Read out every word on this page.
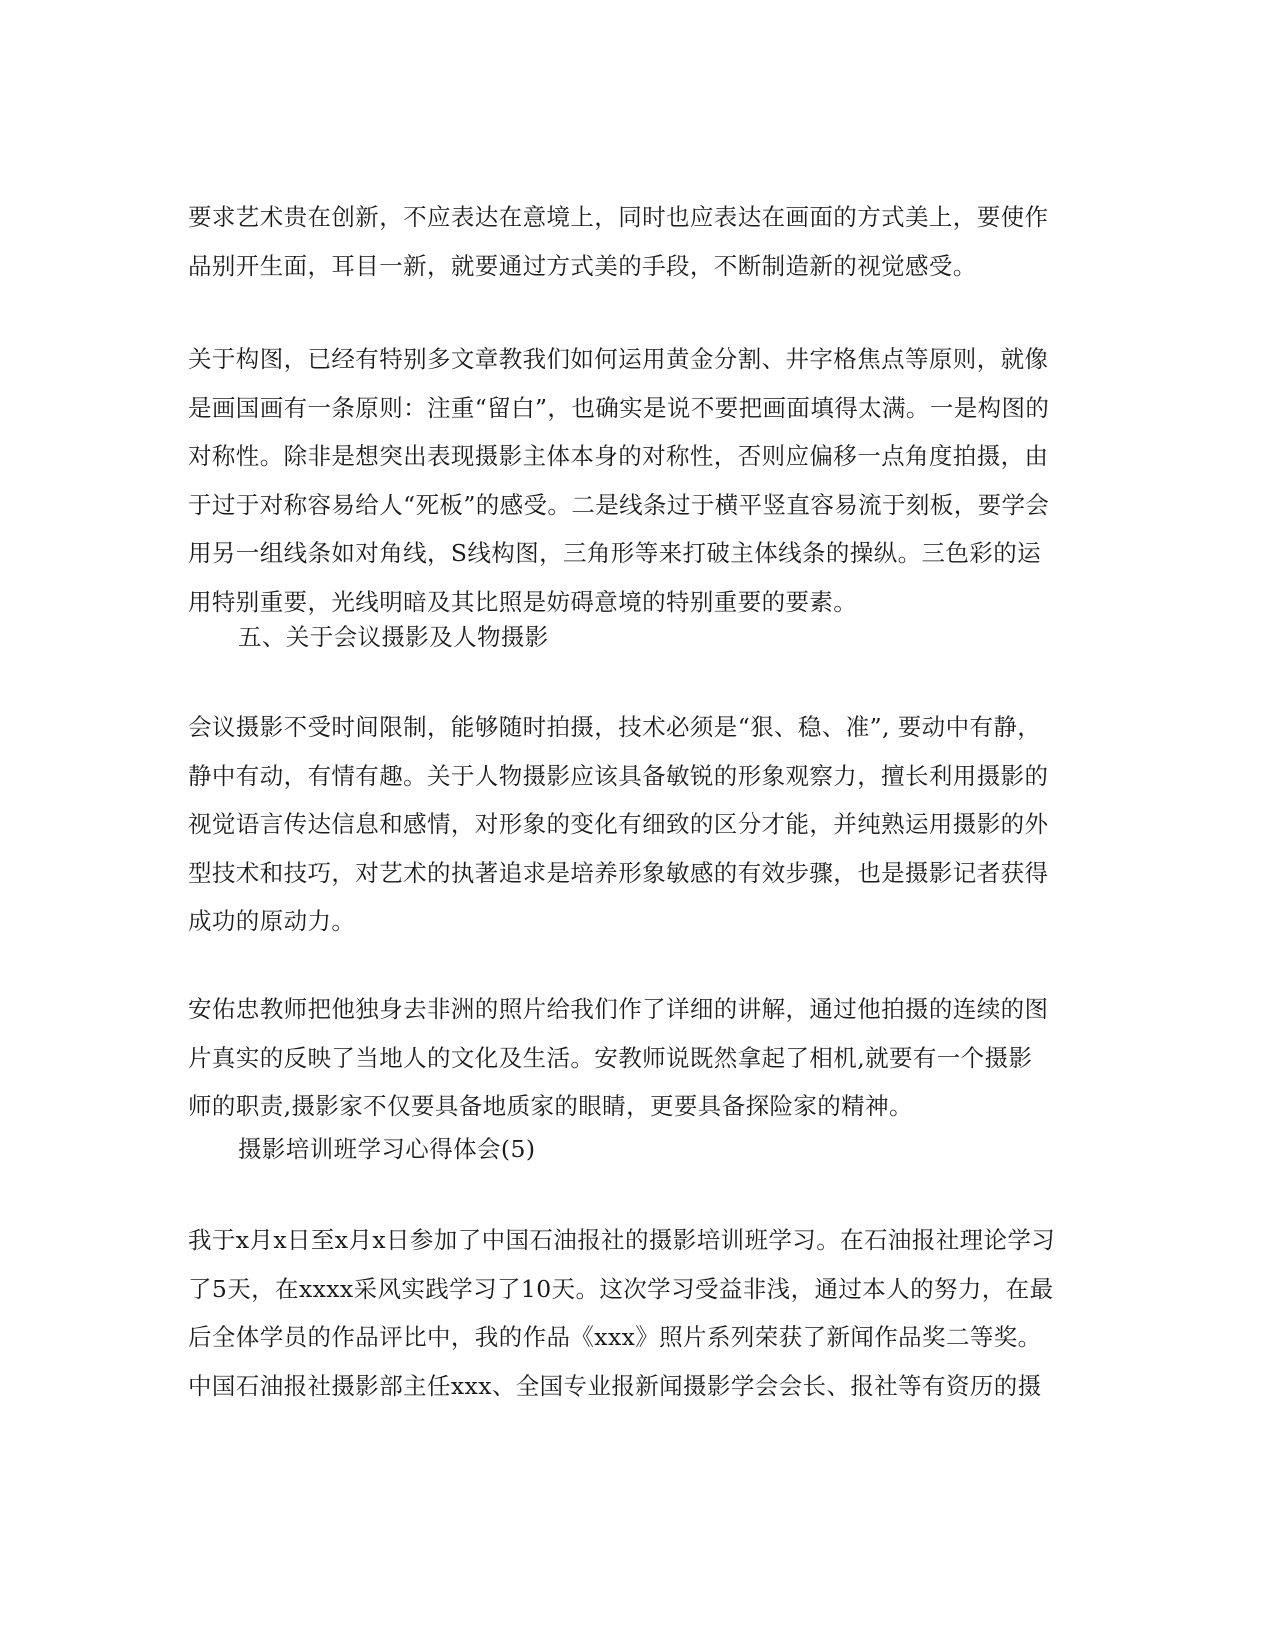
要求艺术贵在创新，不应表达在意境上，同时也应表达在画面的方式美上，要使作
品别开生面，耳目一新，就要通过方式美的手段，不断制造新的视觉感受。
关于构图，已经有特别多文章教我们如何运用黄金分割、井字格焦点等原则，就像
是画国画有一条原则：注重“留白”，也确实是说不要把画面填得太满。一是构图的
对称性。除非是想突出表现摄影主体本身的对称性，否则应偏移一点角度拍摄，由
于过于对称容易给人“死板”的感受。二是线条过于横平竖直容易流于刻板，要学会
用另一组线条如对角线，S线构图，三角形等来打破主体线条的操纵。三色彩的运
用特别重要，光线明暗及其比照是妨碍意境的特别重要的要素。
五、关于会议摄影及人物摄影
会议摄影不受时间限制，能够随时拍摄，技术必须是“狠、稳、准”, 要动中有静，
静中有动，有情有趣。关于人物摄影应该具备敏锐的形象观察力，擅长利用摄影的
视觉语言传达信息和感情，对形象的变化有细致的区分才能，并纯熟运用摄影的外
型技术和技巧，对艺术的执著追求是培养形象敏感的有效步骤，也是摄影记者获得
成功的原动力。
安佑忠教师把他独身去非洲的照片给我们作了详细的讲解，通过他拍摄的连续的图
片真实的反映了当地人的文化及生活。安教师说既然拿起了相机,就要有一个摄影
师的职责,摄影家不仅要具备地质家的眼睛，更要具备探险家的精神。
摄影培训班学习心得体会(5)
我于x月x日至x月x日参加了中国石油报社的摄影培训班学习。在石油报社理论学习
了5天，在xxxx采风实践学习了10天。这次学习受益非浅，通过本人的努力，在最
后全体学员的作品评比中，我的作品《xxx》照片系列荣获了新闻作品奖二等奖。
中国石油报社摄影部主任xxx、全国专业报新闻摄影学会会长、报社等有资历的摄
